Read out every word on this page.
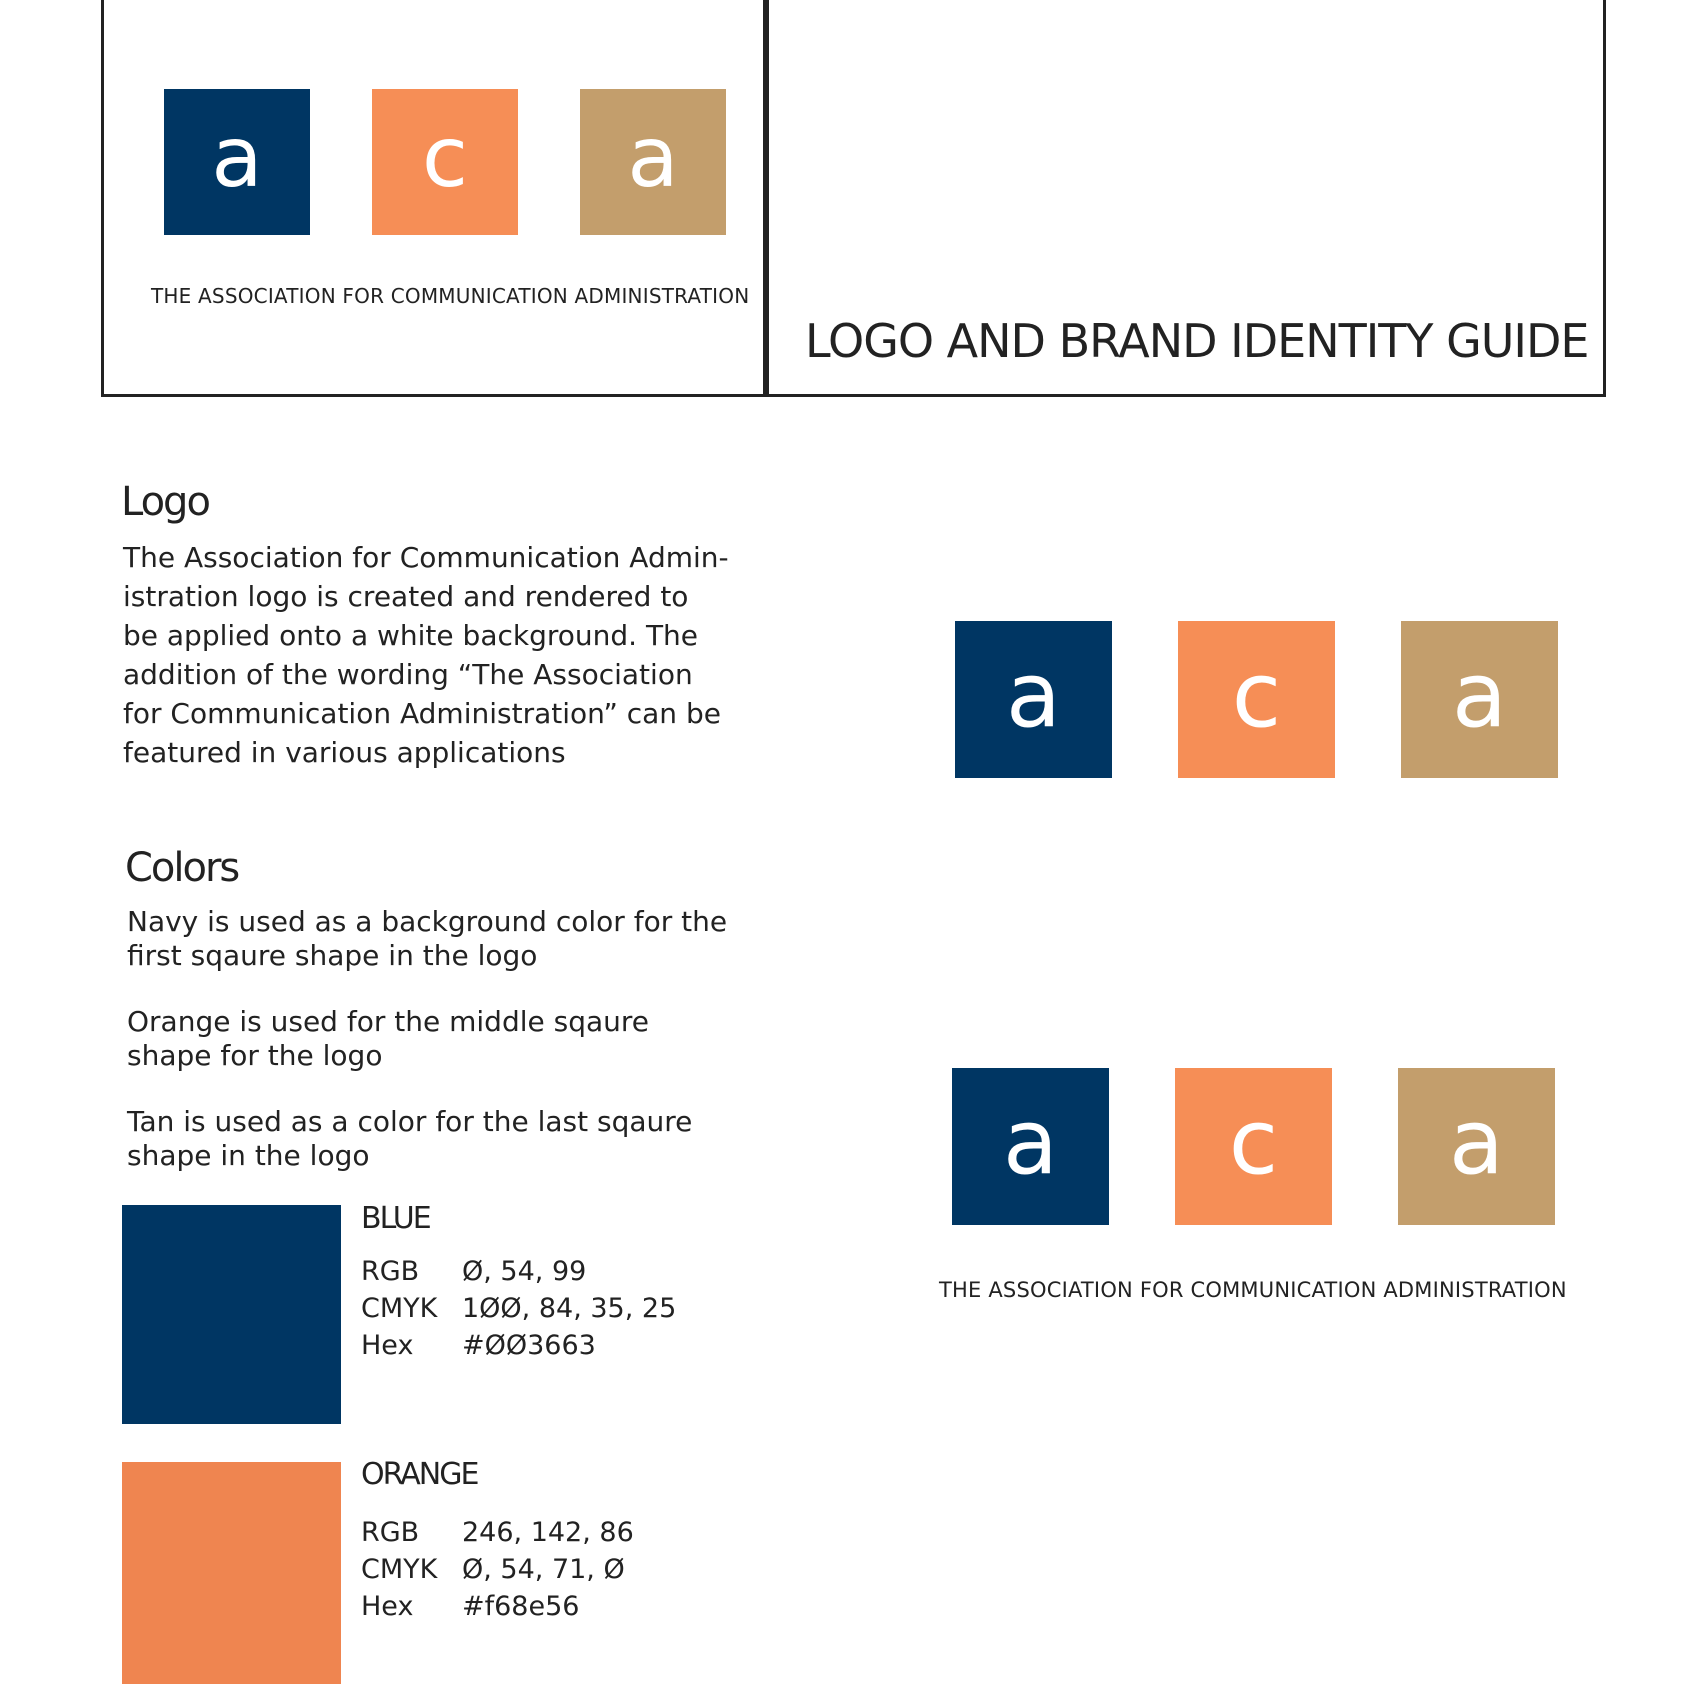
a c a
THE ASSOCIATION FOR COMMUNICATION ADMINISTRATION
LOGO AND BRAND IDENTITY GUIDE
Logo
The Association for Communication Admin-
istration logo is created and rendered to
be applied onto a white background. The
addition of the wording “The Association
for Communication Administration” can be
featured in various applications
Colors
Navy is used as a background color for the
first sqaure shape in the logo
Orange is used for the middle sqaure
shape for the logo
Tan is used as a color for the last sqaure
shape in the logo
BLUE
RGB
CMYK
Hex
Ø, 54, 99
1ØØ, 84, 35, 25
#ØØ3663
ORANGE
RGB
CMYK
Hex
246, 142, 86
Ø, 54, 71, Ø
#f68e56
a c a
a c a
THE ASSOCIATION FOR COMMUNICATION ADMINISTRATION
